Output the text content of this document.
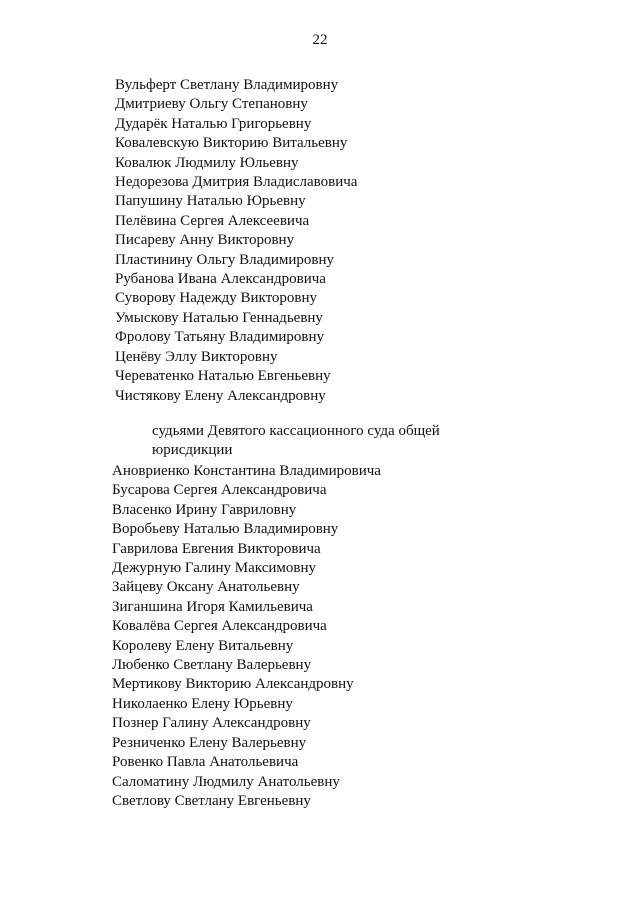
22
Вульферт Светлану Владимировну
Дмитриеву Ольгу Степановну
Дударёк Наталью Григорьевну
Ковалевскую Викторию Витальевну
Ковалюк Людмилу Юльевну
Недорезова Дмитрия Владиславовича
Папушину Наталью Юрьевну
Пелёвина Сергея Алексеевича
Писареву Анну Викторовну
Пластинину Ольгу Владимировну
Рубанова Ивана Александровича
Суворову Надежду Викторовну
Умыскову Наталью Геннадьевну
Фролову Татьяну Владимировну
Ценёву Эллу Викторовну
Череватенко Наталью Евгеньевну
Чистякову Елену Александровну
судьями Девятого кассационного суда общей
юрисдикции
Ановриенко Константина Владимировича
Бусарова Сергея Александровича
Власенко Ирину Гавриловну
Воробьеву Наталью Владимировну
Гаврилова Евгения Викторовича
Дежурную Галину Максимовну
Зайцеву Оксану Анатольевну
Зиганшина Игоря Камильевича
Ковалёва Сергея Александровича
Королеву Елену Витальевну
Любенко Светлану Валерьевну
Мертикову Викторию Александровну
Николаенко Елену Юрьевну
Познер Галину Александровну
Резниченко Елену Валерьевну
Ровенко Павла Анатольевича
Саломатину Людмилу Анатольевну
Светлову Светлану Евгеньевну
